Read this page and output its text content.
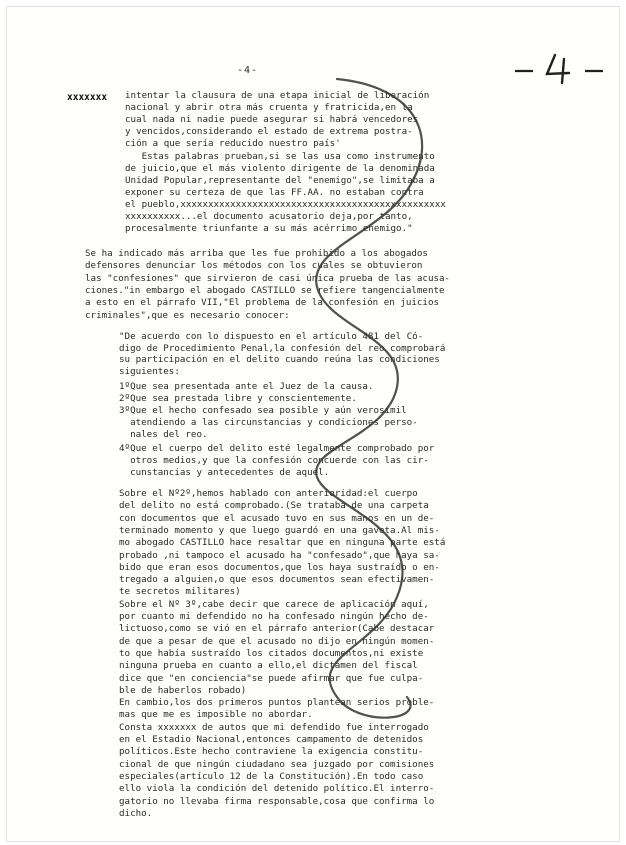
- 4 -
-4-
xxxxxxx intentar la clausura de una etapa inicial de liberación
nacional y abrir otra más cruenta y fratricida,en la
cual nada ni nadie puede asegurar si habrá vencedores
y vencidos,considerando el estado de extrema postra-
ción a que sería reducido nuestro país'
Estas palabras prueban,si se las usa como instrumento
de juicio,que el más violento dirigente de la denominada
Unidad Popular,representante del "enemigo",se limitaba a
exponer su certeza de que las FF.AA. no estaban contra
el pueblo,xxxxxxxxxxxxxxxxxxxxxxxxxxxxxxxxxxxxxxxxxxxxxxxx
xxxxxxxxxx...el documento acusatorio deja,por tanto,
procesalmente triunfante a su más acérrimo enemigo."
Se ha indicado más arriba que les fue prohibido a los abogados
defensores denunciar los métodos con los cuales se obtuvieron
las "confesiones" que sirvieron de casi única prueba de las acusa-
ciones."in embargo el abogado CASTILLO se refiere tangencialmente
a esto en el párrafo VII,"El problema de la confesión en juicios
criminales",que es necesario conocer:
"De acuerdo con lo dispuesto en el artículo 481 del Có-
digo de Procedimiento Penal,la confesión del reo comprobará
su participación en el delito cuando reúna las condiciones
siguientes:
1ºQue sea presentada ante el Juez de la causa.
2ºQue sea prestada libre y conscientemente.
3ºQue el hecho confesado sea posible y aún verosímil
atendiendo a las circunstancias y condiciones perso-
nales del reo.
4ºQue el cuerpo del delito esté legalmente comprobado por
otros medios,y que la confesión concuerde con las cir-
cunstancias y antecedentes de aquel.
Sobre el Nº2º,hemos hablado con anterioridad:el cuerpo
del delito no está comprobado.(Se trataba de una carpeta
con documentos que el acusado tuvo en sus manos en un de-
terminado momento y que luego guardó en una gaveta.Al mis-
mo abogado CASTILLO hace resaltar que en ninguna parte está
probado ,ni tampoco el acusado ha "confesado",que haya sa-
bido que eran esos documentos,que los haya sustraído o en-
tregado a alguien,o que esos documentos sean efectivamen-
te secretos militares)
Sobre el Nº 3º,cabe decir que carece de aplicación aquí,
por cuanto mi defendido no ha confesado ningún hecho de-
lictuoso,como se vió en el párrafo anterior(Cabe destacar
de que a pesar de que el acusado no dijo en ningún momen-
to que había sustraído los citados documentos,ni existe
ninguna prueba en cuanto a ello,el dictamen del fiscal
dice que "en conciencia"se puede afirmar que fue culpa-
ble de haberlos robado)
En cambio,los dos primeros puntos plantean serios proble-
mas que me es imposible no abordar.
Consta xxxxxxx de autos que mi defendido fue interrogado
en el Estadio Nacional,entonces campamento de detenidos
políticos.Este hecho contraviene la exigencia constitu-
cional de que ningún ciudadano sea juzgado por comisiones
especiales(artículo 12 de la Constitución).En todo caso
ello viola la condición del detenido político.El interro-
gatorio no llevaba firma responsable,cosa que confirma lo
dicho.
